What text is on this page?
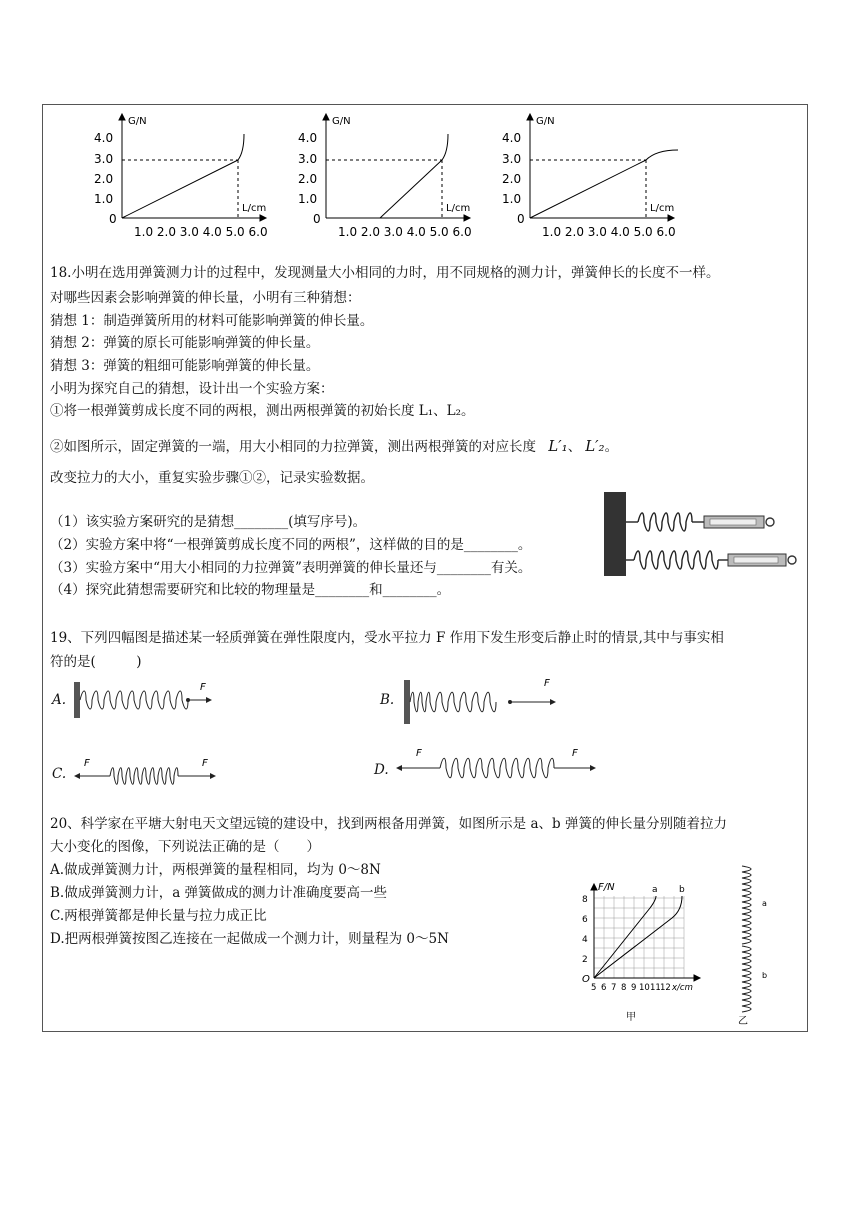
G/N
L/cm
4.0
3.0
2.0
1.0
0
1.0 2.0 3.0 4.0 5.0 6.0
G/N
L/cm
4.0
3.0
2.0
1.0
0
1.0 2.0 3.0 4.0 5.0 6.0
G/N
L/cm
4.0
3.0
2.0
1.0
0
1.0 2.0 3.0 4.0 5.0 6.0
18.小明在选用弹簧测力计的过程中，发现测量大小相同的力时，用不同规格的测力计，弹簧伸长的长度不一样。
对哪些因素会影响弹簧的伸长量，小明有三种猜想：
猜想 1：制造弹簧所用的材料可能影响弹簧的伸长量。
猜想 2：弹簧的原长可能影响弹簧的伸长量。
猜想 3：弹簧的粗细可能影响弹簧的伸长量。
小明为探究自己的猜想，设计出一个实验方案：
①将一根弹簧剪成长度不同的两根，测出两根弹簧的初始长度 L₁、L₂。
②如图所示，固定弹簧的一端，用大小相同的力拉弹簧，测出两根弹簧的对应长度 L′₁、 L′₂。
改变拉力的大小，重复实验步骤①②，记录实验数据。
（1）该实验方案研究的是猜想________(填写序号)。
（2）实验方案中将“一根弹簧剪成长度不同的两根”，这样做的目的是________。
（3）实验方案中“用大小相同的力拉弹簧”表明弹簧的伸长量还与________有关。
（4）探究此猜想需要研究和比较的物理量是________和________。
19、下列四幅图是描述某一轻质弹簧在弹性限度内，受水平拉力 F 作用下发生形变后静止时的情景,其中与事实相
符的是(　　　)
A.
F
B.
F
C.
F	F	D.
F	F
20、科学家在平塘大射电天文望远镜的建设中，找到两根备用弹簧，如图所示是 a、b 弹簧的伸长量分别随着拉力
大小变化的图像，下列说法正确的是（　　）
A.做成弹簧测力计，两根弹簧的量程相同，均为 0～8N
B.做成弹簧测力计，a 弹簧做成的测力计准确度要高一些
C.两根弹簧都是伸长量与拉力成正比
D.把两根弹簧按图乙连接在一起做成一个测力计，则量程为 0～5N
F/N
O
8
6
4
2
5 6 7 8 9 10 11 12 x/cm
a b
甲
a
b
乙
